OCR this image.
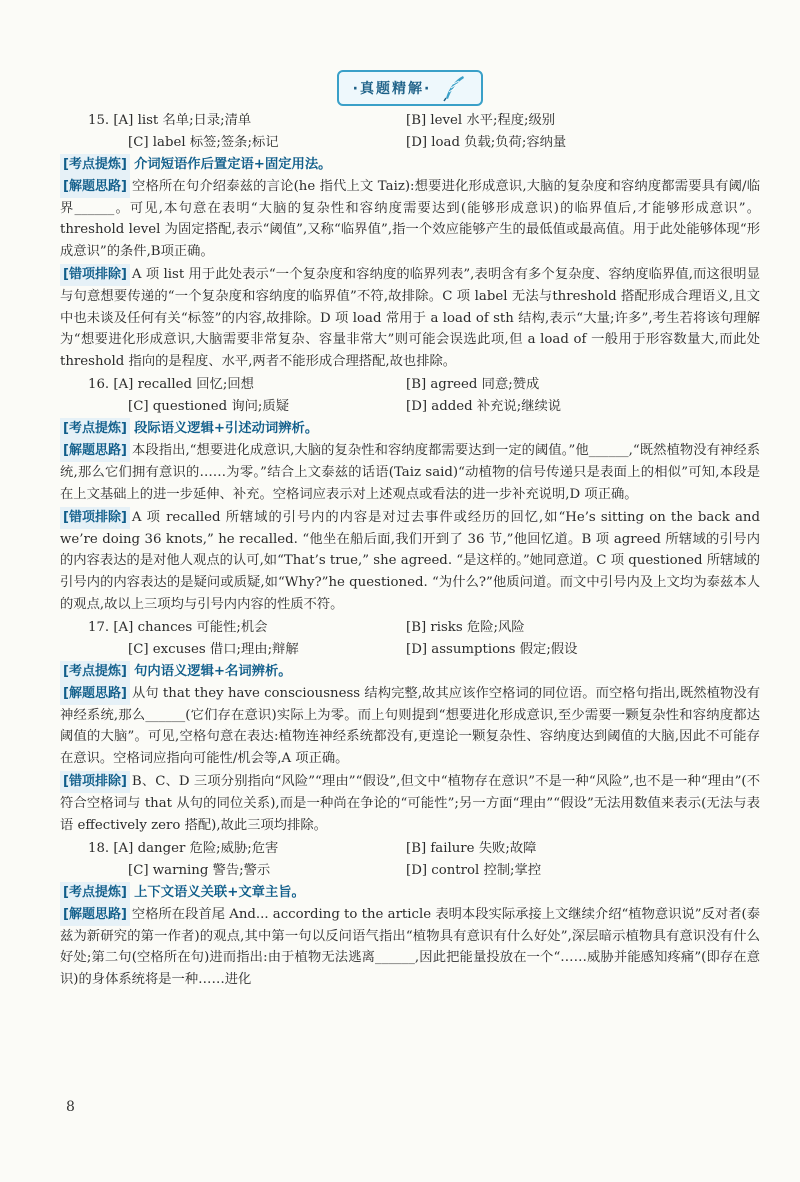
·真题精解·
15. [A] list 名单;日录;清单	[B] level 水平;程度;级别
[C] label 标签;签条;标记	[D] load 负载;负荷;容纳量
[考点提炼] 介词短语作后置定语+固定用法。
[解题思路] 空格所在句介绍泰兹的言论(he 指代上文 Taiz):想要进化形成意识,大脑的复杂度和容纳度都需要具有阈/临界______。可见,本句意在表明“大脑的复杂性和容纳度需要达到(能够形成意识)的临界值后,才能够形成意识”。threshold level 为固定搭配,表示“阈值”,又称“临界值”,指一个效应能够产生的最低值或最高值。用于此处能够体现“形成意识”的条件,B项正确。
[错项排除] A 项 list 用于此处表示“一个复杂度和容纳度的临界列表”,表明含有多个复杂度、容纳度临界值,而这很明显与句意想要传递的“一个复杂度和容纳度的临界值”不符,故排除。C 项 label 无法与threshold 搭配形成合理语义,且文中也未谈及任何有关“标签”的内容,故排除。D 项 load 常用于 a load of sth 结构,表示“大量;许多”,考生若将该句理解为“想要进化形成意识,大脑需要非常复杂、容量非常大”则可能会误选此项,但 a load of 一般用于形容数量大,而此处 threshold 指向的是程度、水平,两者不能形成合理搭配,故也排除。
16. [A] recalled 回忆;回想	[B] agreed 同意;赞成
[C] questioned 询问;质疑	[D] added 补充说;继续说
[考点提炼] 段际语义逻辑+引述动词辨析。
[解题思路] 本段指出,“想要进化成意识,大脑的复杂性和容纳度都需要达到一定的阈值。”他______,“既然植物没有神经系统,那么它们拥有意识的……为零。”结合上文泰兹的话语(Taiz said)“动植物的信号传递只是表面上的相似”可知,本段是在上文基础上的进一步延伸、补充。空格词应表示对上述观点或看法的进一步补充说明,D 项正确。
[错项排除] A 项 recalled 所辖域的引号内的内容是对过去事件或经历的回忆,如“He’s sitting on the back and we’re doing 36 knots,” he recalled. “他坐在船后面,我们开到了 36 节,”他回忆道。B 项 agreed 所辖域的引号内的内容表达的是对他人观点的认可,如“That’s true,” she agreed. “是这样的。”她同意道。C 项 questioned 所辖域的引号内的内容表达的是疑问或质疑,如“Why?”he questioned. “为什么?”他质问道。而文中引号内及上文均为泰兹本人的观点,故以上三项均与引号内内容的性质不符。
17. [A] chances 可能性;机会	[B] risks 危险;风险
[C] excuses 借口;理由;辩解	[D] assumptions 假定;假设
[考点提炼] 句内语义逻辑+名词辨析。
[解题思路] 从句 that they have consciousness 结构完整,故其应该作空格词的同位语。而空格句指出,既然植物没有神经系统,那么______(它们存在意识)实际上为零。而上句则提到“想要进化形成意识,至少需要一颗复杂性和容纳度都达阈值的大脑”。可见,空格句意在表达:植物连神经系统都没有,更遑论一颗复杂性、容纳度达到阈值的大脑,因此不可能存在意识。空格词应指向可能性/机会等,A 项正确。
[错项排除] B、C、D 三项分别指向“风险”“理由”“假设”,但文中“植物存在意识”不是一种“风险”,也不是一种“理由”(不符合空格词与 that 从句的同位关系),而是一种尚在争论的“可能性”;另一方面“理由”“假设”无法用数值来表示(无法与表语 effectively zero 搭配),故此三项均排除。
18. [A] danger 危险;威胁;危害	[B] failure 失败;故障
[C] warning 警告;警示	[D] control 控制;掌控
[考点提炼] 上下文语义关联+文章主旨。
[解题思路] 空格所在段首尾 And... according to the article 表明本段实际承接上文继续介绍“植物意识说”反对者(泰兹为新研究的第一作者)的观点,其中第一句以反问语气指出“植物具有意识有什么好处”,深层暗示植物具有意识没有什么好处;第二句(空格所在句)进而指出:由于植物无法逃离______,因此把能量投放在一个“……威胁并能感知疼痛”(即存在意识)的身体系统将是一种……进化
8
